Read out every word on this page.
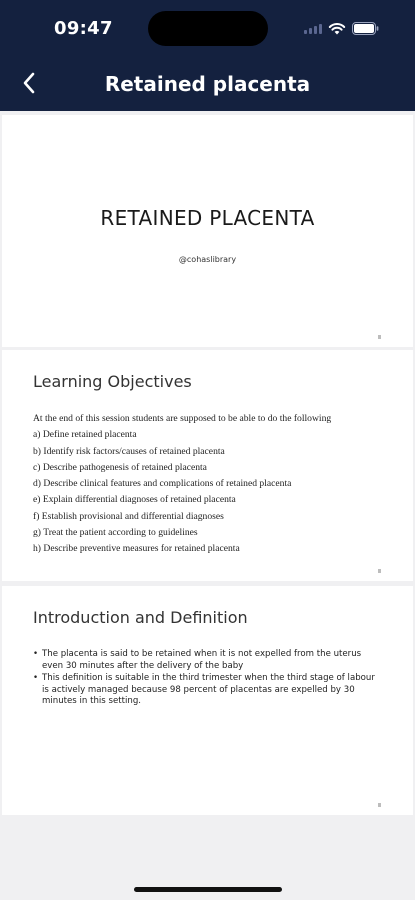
09:47
Retained placenta
RETAINED PLACENTA
@cohaslibrary
Learning Objectives
At the end of this session students are supposed to be able to do the following
a) Define retained placenta
b) Identify risk factors/causes of retained placenta
c) Describe pathogenesis of retained placenta
d) Describe clinical features and complications of retained placenta
e) Explain differential diagnoses of retained placenta
f) Establish provisional and differential diagnoses
g) Treat the patient according to guidelines
h) Describe preventive measures for retained placenta
Introduction and Definition
• The placenta is said to be retained when it is not expelled from the uterus even 30 minutes after the delivery of the baby
• This definition is suitable in the third trimester when the third stage of labour is actively managed because 98 percent of placentas are expelled by 30 minutes in this setting.
